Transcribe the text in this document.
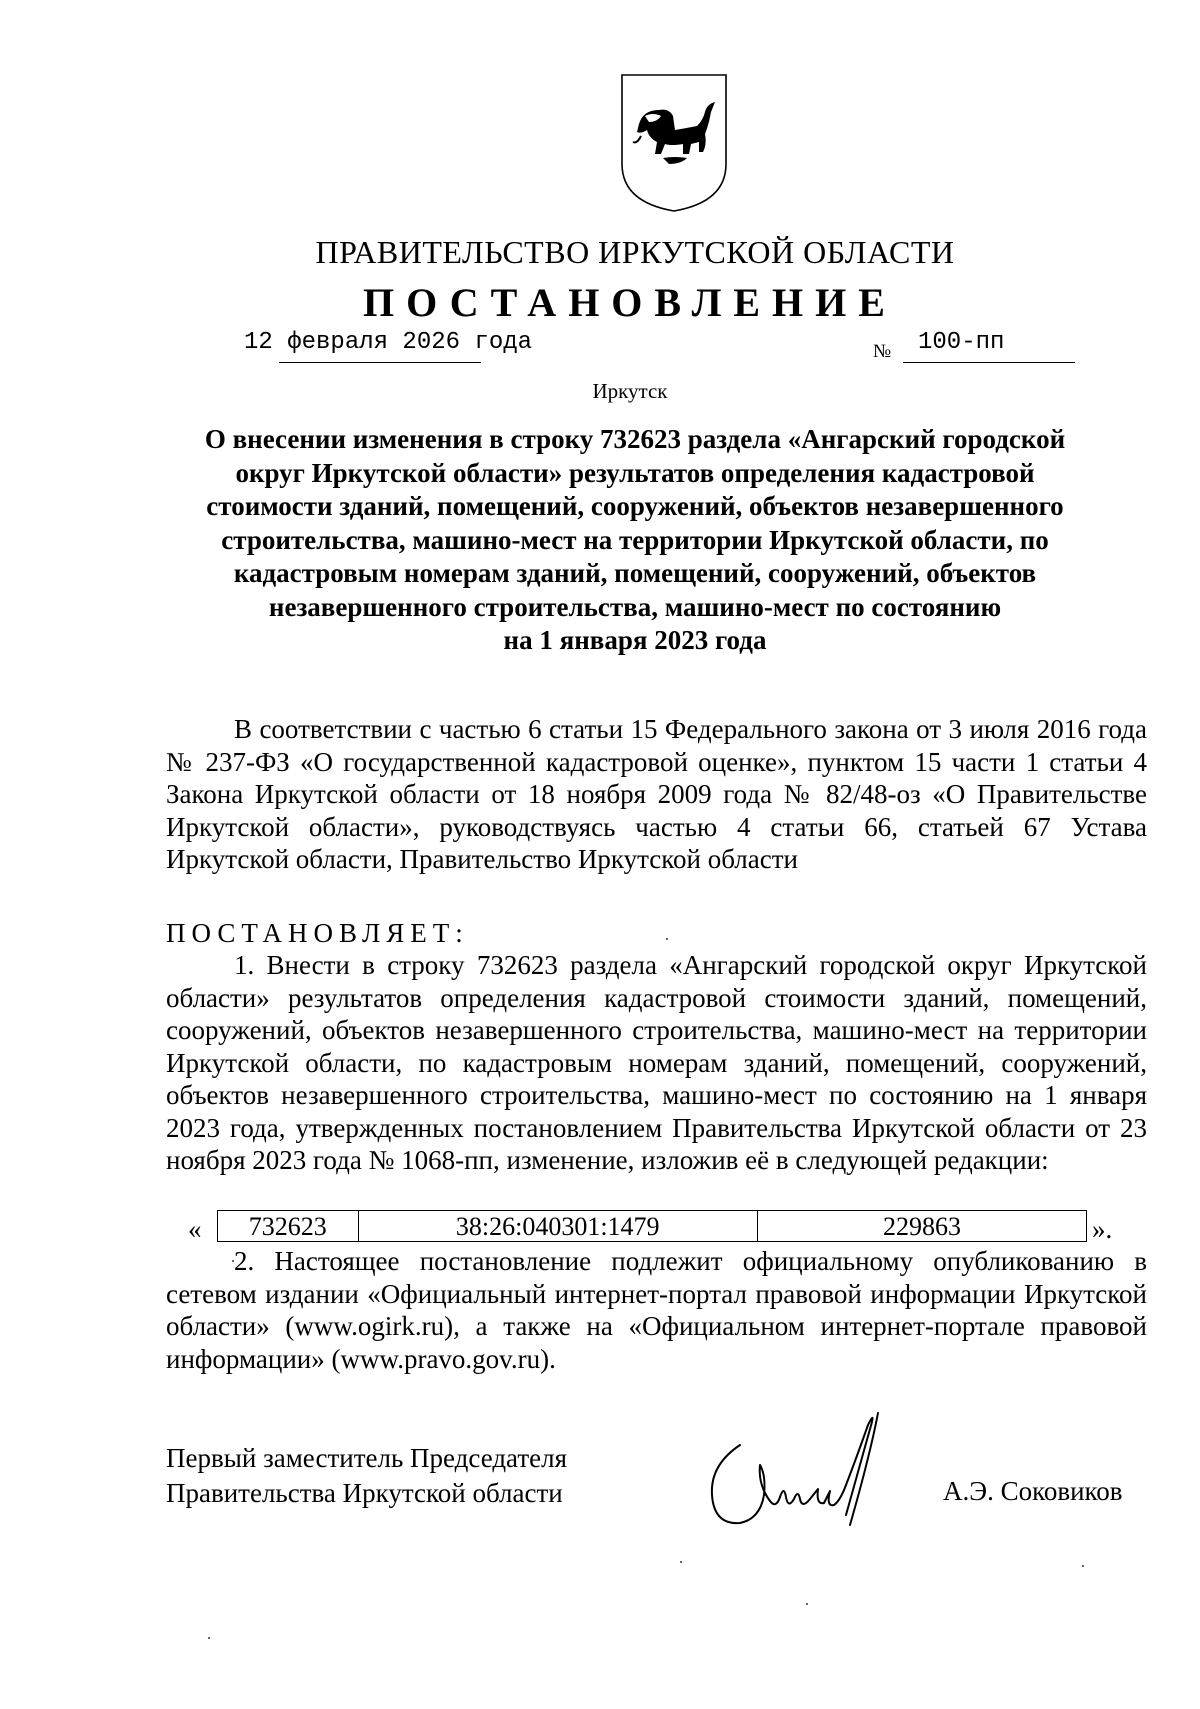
ПРАВИТЕЛЬСТВО ИРКУТСКОЙ ОБЛАСТИ
ПОСТАНОВЛЕНИЕ
12 февраля 2026 года	№ 100-пп
Иркутск
О внесении изменения в строку 732623 раздела «Ангарский городской
округ Иркутской области» результатов определения кадастровой
стоимости зданий, помещений, сооружений, объектов незавершенного
строительства, машино-мест на территории Иркутской области, по
кадастровым номерам зданий, помещений, сооружений, объектов
незавершенного строительства, машино-мест по состоянию
на 1 января 2023 года
В соответствии с частью 6 статьи 15 Федерального закона от 3 июля 2016 года № 237-ФЗ «О государственной кадастровой оценке», пунктом 15 части 1 статьи 4 Закона Иркутской области от 18 ноября 2009 года № 82/48-оз «О Правительстве Иркутской области», руководствуясь частью 4 статьи 66, статьей 67 Устава Иркутской области, Правительство Иркутской области
ПОСТАНОВЛЯЕТ:
1. Внести в строку 732623 раздела «Ангарский городской округ Иркутской области» результатов определения кадастровой стоимости зданий, помещений, сооружений, объектов незавершенного строительства, машино-мест на территории Иркутской области, по кадастровым номерам зданий, помещений, сооружений, объектов незавершенного строительства, машино-мест по состоянию на 1 января 2023 года, утвержденных постановлением Правительства Иркутской области от 23 ноября 2023 года № 1068-пп, изменение, изложив её в следующей редакции:
« 732623	38:26:040301:1479	229863	».
2. Настоящее постановление подлежит официальному опубликованию в сетевом издании «Официальный интернет-портал правовой информации Иркутской области» (www.ogirk.ru), а также на «Официальном интернет-портале правовой информации» (www.pravo.gov.ru).
Первый заместитель Председателя
Правительства Иркутской области	А.Э. Соковиков
